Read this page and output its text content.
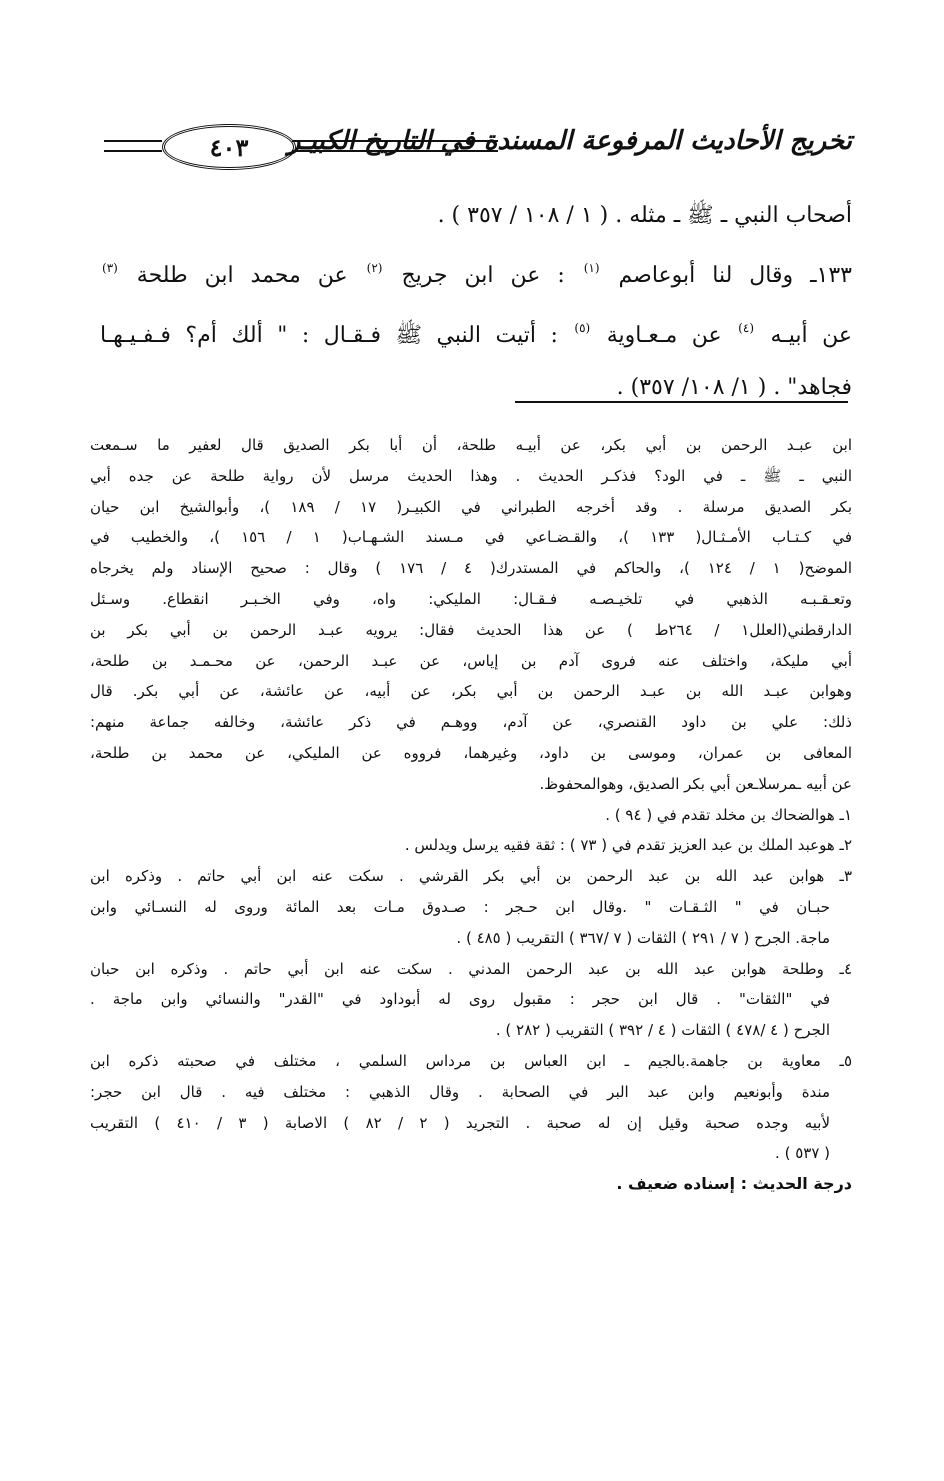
٤٠٣ تخريج الأحاديث المرفوعة المسندة في التاريخ الكبيـر
أصحاب النبي ـ ﷺ ـ مثله . ( ١ / ١٠٨ / ٣٥٧ ) .
١٣٣ـ وقال لنا أبوعاصم $^{(١)}$ : عن ابن جريج $^{(٢)}$ عن محمد ابن طلحة $^{(٣)}$
عن أبيـه $^{(٤)}$ عن مـعـاوية $^{(٥)}$ : أتيت النبي ﷺ فـقـال : " ألك أم؟ فـفـيـهـا
فجاهد" . ( ١/ ١٠٨/ ٣٥٧) .
ابن عبـد الرحمن بن أبي بكر، عن أبيـه طلحة، أن أبا بكر الصديق قال لعفير ما سـمعت
النبي ـ ﷺ ـ في الود؟ فذكـر الحديث . وهذا الحديث مرسل لأن رواية طلحة عن جده أبي
بكر الصديق مرسلة . وقد أخرجه الطبراني في الكبيـر( ١٧ / ١٨٩ )، وأبوالشيخ ابن حيان
في كـتـاب الأمـثـال( ١٣٣ )، والقـضـاعي في مـسند الشـهـاب( ١ / ١٥٦ )، والخطيب في
الموضح( ١ / ١٢٤ )، والحاكم في المستدرك( ٤ / ١٧٦ ) وقال : صحيح الإسناد ولم يخرجاه
وتعـقـبـه الذهبي في تلخيـصـه فـقـال: المليكي: واه، وفي الخـبـر انقطاع. وسـئل
الدارقطني(العلل١ / ٢٦٤ط ) عن هذا الحديث فقال: يرويه عبـد الرحمن بن أبي بكر بن
أبي مليكة، واختلف عنه فروى آدم بن إياس، عن عبـد الرحمن، عن محـمـد بن طلحة،
وهوابن عبـد الله بن عبـد الرحمن بن أبي بكر، عن أبيه، عن عائشة، عن أبي بكر. قال
ذلك: علي بن داود القنصري، عن آدم، ووهـم في ذكر عائشة، وخالفه جماعة منهم:
المعافى بن عمران، وموسى بن داود، وغيرهما، فرووه عن المليكي، عن محمد بن طلحة،
عن أبيه ـمرسلاـعن أبي بكر الصديق، وهوالمحفوظ.
١ـ هوالضحاك بن مخلد تقدم في ( ٩٤ ) .
٢ـ هوعبد الملك بن عبد العزيز تقدم في ( ٧٣ ) : ثقة فقيه يرسل ويدلس .
٣ـ هوابن عبد الله بن عبد الرحمن بن أبي بكر القرشي . سكت عنه ابن أبي حاتم . وذكره ابن
حبـان في " الثـقـات " .وقال ابن حـجر : صـدوق مـات بعد المائة وروى له النسـائي وابن
ماجة. الجرح ( ٧ / ٢٩١ ) الثقات ( ٧ /٣٦٧ ) التقريب ( ٤٨٥ ) .
٤ـ وطلحة هوابن عبد الله بن عبد الرحمن المدني . سكت عنه ابن أبي حاتم . وذكره ابن حبان
في "الثقات" . قال ابن حجر : مقبول روى له أبوداود في "القدر" والنسائي وابن ماجة .
الجرح ( ٤ /٤٧٨ ) الثقات ( ٤ / ٣٩٢ ) التقريب ( ٢٨٢ ) .
٥ـ معاوية بن جاهمة.بالجيم ـ ابن العباس بن مرداس السلمي ، مختلف في صحبته ذكره ابن
مندة وأبونعيم وابن عبد البر في الصحابة . وقال الذهبي : مختلف فيه . قال ابن حجر:
لأبيه وجده صحبة وقيل إن له صحبة . التجريد ( ٢ / ٨٢ ) الاصابة ( ٣ / ٤١٠ ) التقريب
( ٥٣٧ ) .
درجة الحديث : إسناده ضعيف .
